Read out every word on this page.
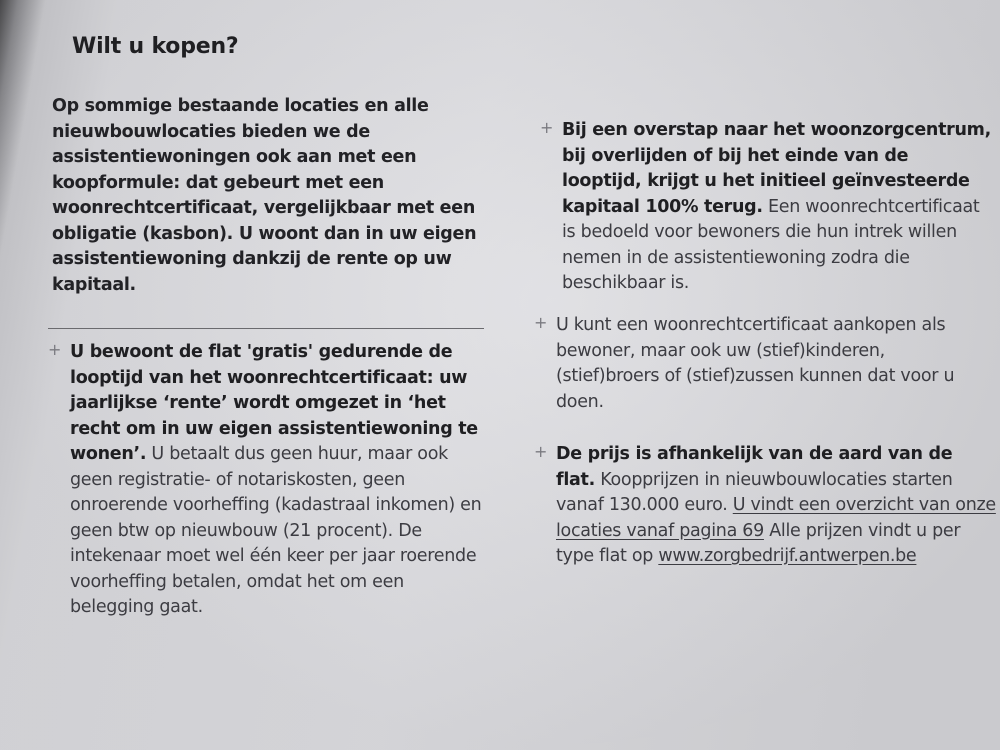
Wilt u kopen?
Op sommige bestaande locaties en alle nieuwbouwlocaties bieden we de assistentiewoningen ook aan met een koopformule: dat gebeurt met een woonrechtcertificaat, vergelijkbaar met een obligatie (kasbon). U woont dan in uw eigen assistentiewoning dankzij de rente op uw kapitaal.
+ U bewoont de flat 'gratis' gedurende de looptijd van het woonrechtcertificaat: uw jaarlijkse ‘rente’ wordt omgezet in ‘het recht om in uw eigen assistentiewoning te wonen’. U betaalt dus geen huur, maar ook geen registratie- of notariskosten, geen onroerende voorheffing (kadastraal inkomen) en geen btw op nieuwbouw (21 procent). De intekenaar moet wel één keer per jaar roerende voorheffing betalen, omdat het om een belegging gaat.

+ Bij een overstap naar het woonzorgcentrum, bij overlijden of bij het einde van de looptijd, krijgt u het initieel geïnvesteerde kapitaal 100% terug. Een woonrechtcertificaat is bedoeld voor bewoners die hun intrek willen nemen in de assistentiewoning zodra die beschikbaar is.

+ U kunt een woonrechtcertificaat aankopen als bewoner, maar ook uw (stief)kinderen, (stief)broers of (stief)zussen kunnen dat voor u doen.

+ De prijs is afhankelijk van de aard van de flat. Koopprijzen in nieuwbouwlocaties starten vanaf 130.000 euro. U vindt een overzicht van onze locaties vanaf pagina 69 Alle prijzen vindt u per type flat op www.zorgbedrijf.antwerpen.be
